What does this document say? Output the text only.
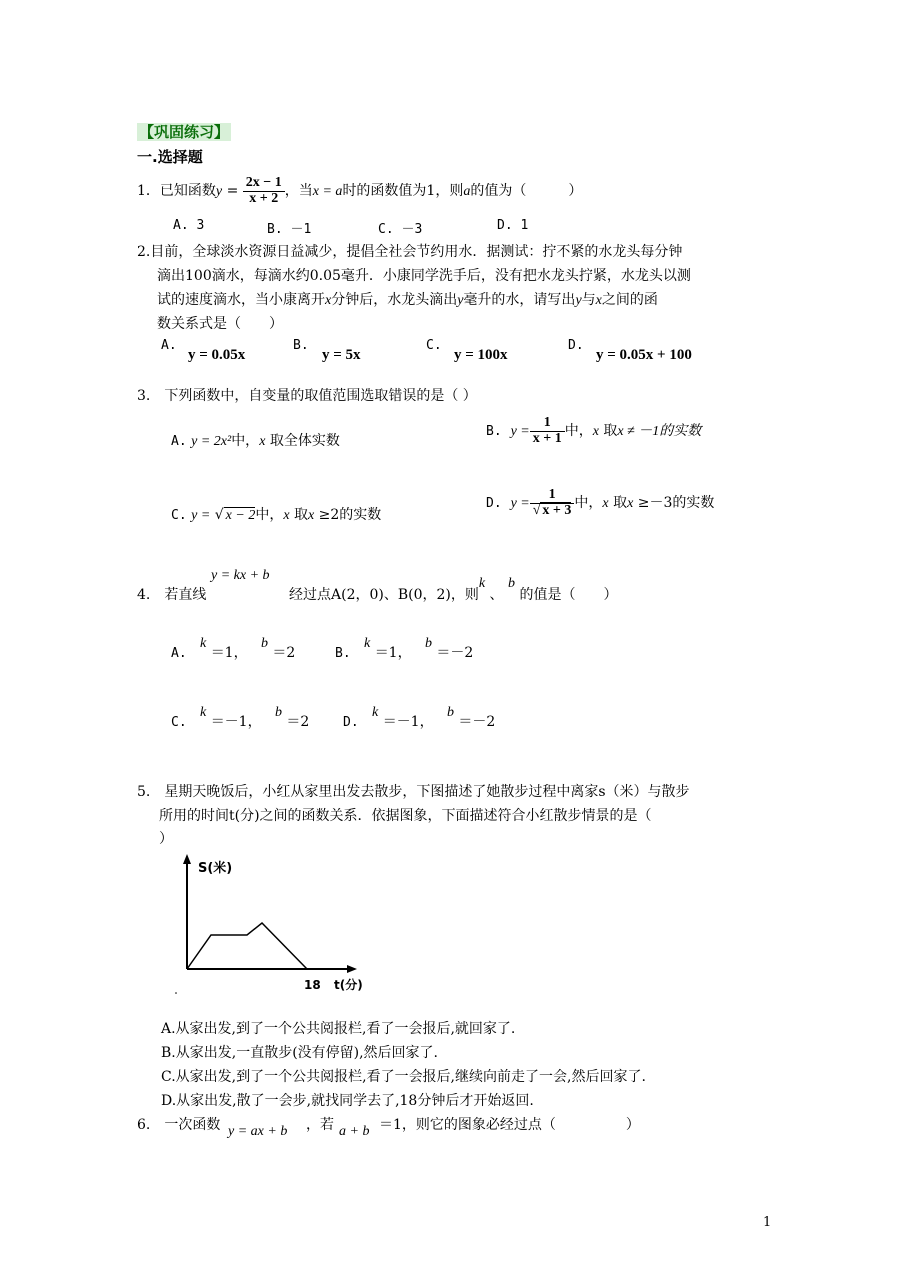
【巩固练习】
一.选择题
1．已知函数$y = \frac{2x - 1}{x + 2}$ ，当x = a时的函数值为1，则a的值为（　　　）
A. 3	B. －1	C. －3	D. 1
2.目前，全球淡水资源日益减少，提倡全社会节约用水．据测试：拧不紧的水龙头每分钟
滴出100滴水，每滴水约0.05毫升．小康同学洗手后，没有把水龙头拧紧，水龙头以测
试的速度滴水，当小康离开x分钟后，水龙头滴出y毫升的水，请写出y与x之间的函
数关系式是（　　）
A.
y = 0.05x
B.
y = 5x
C.
y = 100x
D.
y = 0.05x + 100
3.　下列函数中，自变量的取值范围选取错误的是（ ）
A. y = 2x²中，x 取全体实数
B. $y = \frac{1}{x + 1}$ 中，x 取x ≠ －1的实数
C. y = √ x − 2中，x 取x ≥2的实数
D. $y = \frac{1}{√ x + 3}$ 中，x 取x ≥－3的实数
4.　若直线
y = kx + b
经过点A(2，0)、B(0，2)，则k 、 b 的值是（　　）
A.   k ＝1，   b ＝2	B.   k ＝1，   b ＝－2
C.   k ＝－1，   b ＝2	D.   k ＝－1，   b ＝－2
5.　星期天晚饭后，小红从家里出发去散步，下图描述了她散步过程中离家s（米）与散步
所用的时间t(分)之间的函数关系．依据图象，下面描述符合小红散步情景的是（
）
S(米)
18 t(分)
A.从家出发,到了一个公共阅报栏,看了一会报后,就回家了.
B.从家出发,一直散步(没有停留),然后回家了.
C.从家出发,到了一个公共阅报栏,看了一会报后,继续向前走了一会,然后回家了.
D.从家出发,散了一会步,就找同学去了,18分钟后才开始返回.
6.　一次函数 y = ax + b ，若 a + b ＝1，则它的图象必经过点（　　　　　）
1
